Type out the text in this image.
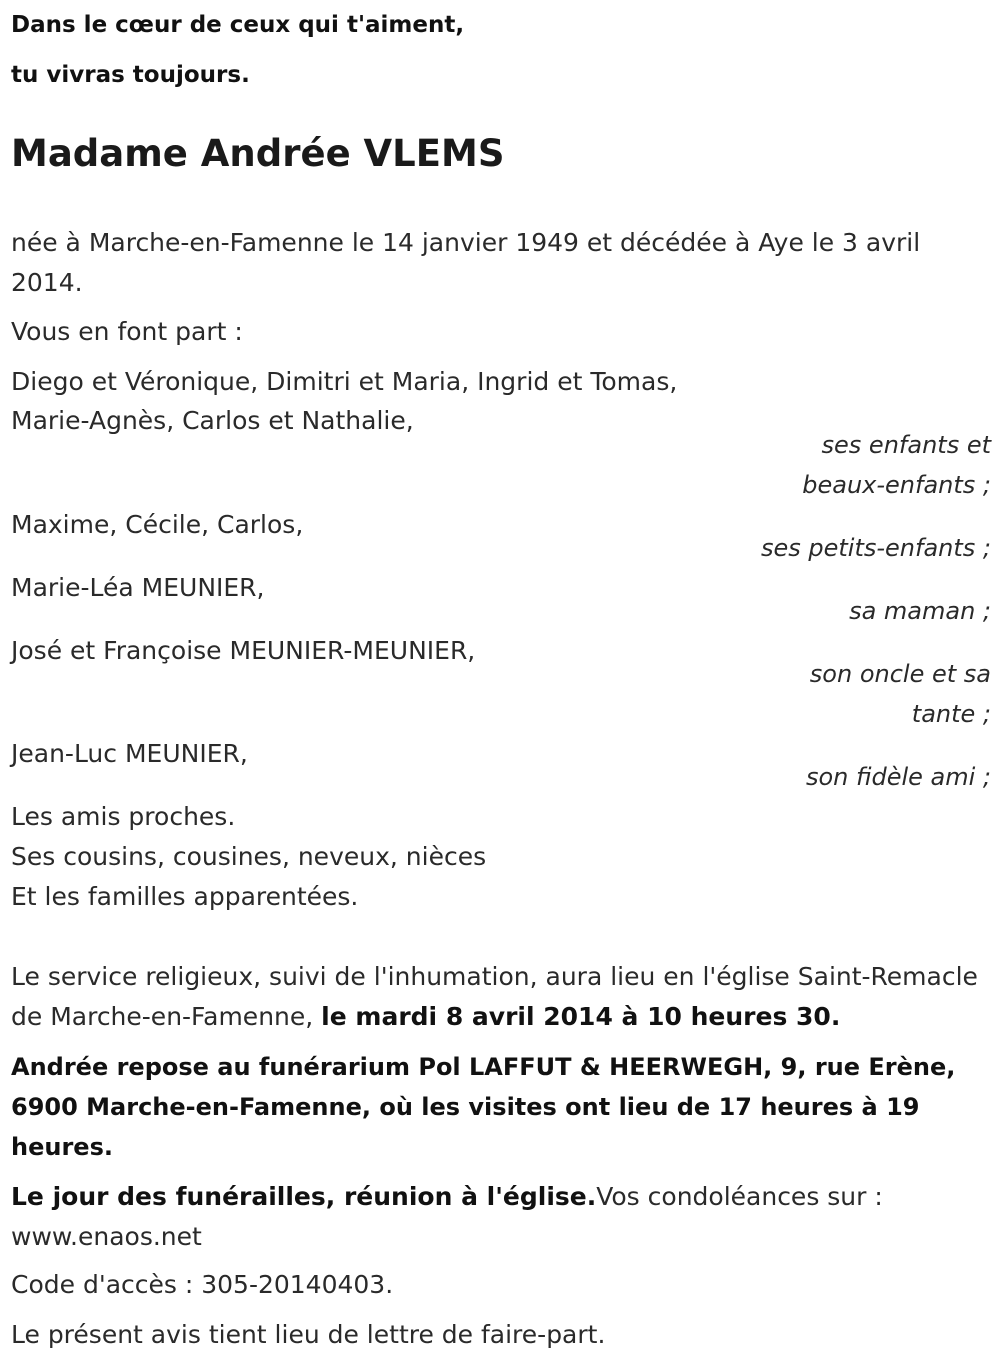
Dans le cœur de ceux qui t'aiment,
tu vivras toujours.
Madame Andrée VLEMS
née à Marche-en-Famenne le 14 janvier 1949 et décédée à Aye le 3 avril 2014.
Vous en font part :
Diego et Véronique, Dimitri et Maria, Ingrid et Tomas,
Marie-Agnès, Carlos et Nathalie,
ses enfants et beaux-enfants ;
Maxime, Cécile, Carlos,
ses petits-enfants ;
Marie-Léa MEUNIER,
sa maman ;
José et Françoise MEUNIER-MEUNIER,
son oncle et sa tante ;
Jean-Luc MEUNIER,
son fidèle ami ;
Les amis proches.
Ses cousins, cousines, neveux, nièces
Et les familles apparentées.
Le service religieux, suivi de l'inhumation, aura lieu en l'église Saint-Remacle de Marche-en-Famenne, le mardi 8 avril 2014 à 10 heures 30.
Andrée repose au funérarium Pol LAFFUT & HEERWEGH, 9, rue Erène, 6900 Marche-en-Famenne, où les visites ont lieu de 17 heures à 19 heures.
Le jour des funérailles, réunion à l'église.Vos condoléances sur : www.enaos.net
Code d'accès : 305-20140403.
Le présent avis tient lieu de lettre de faire-part.
